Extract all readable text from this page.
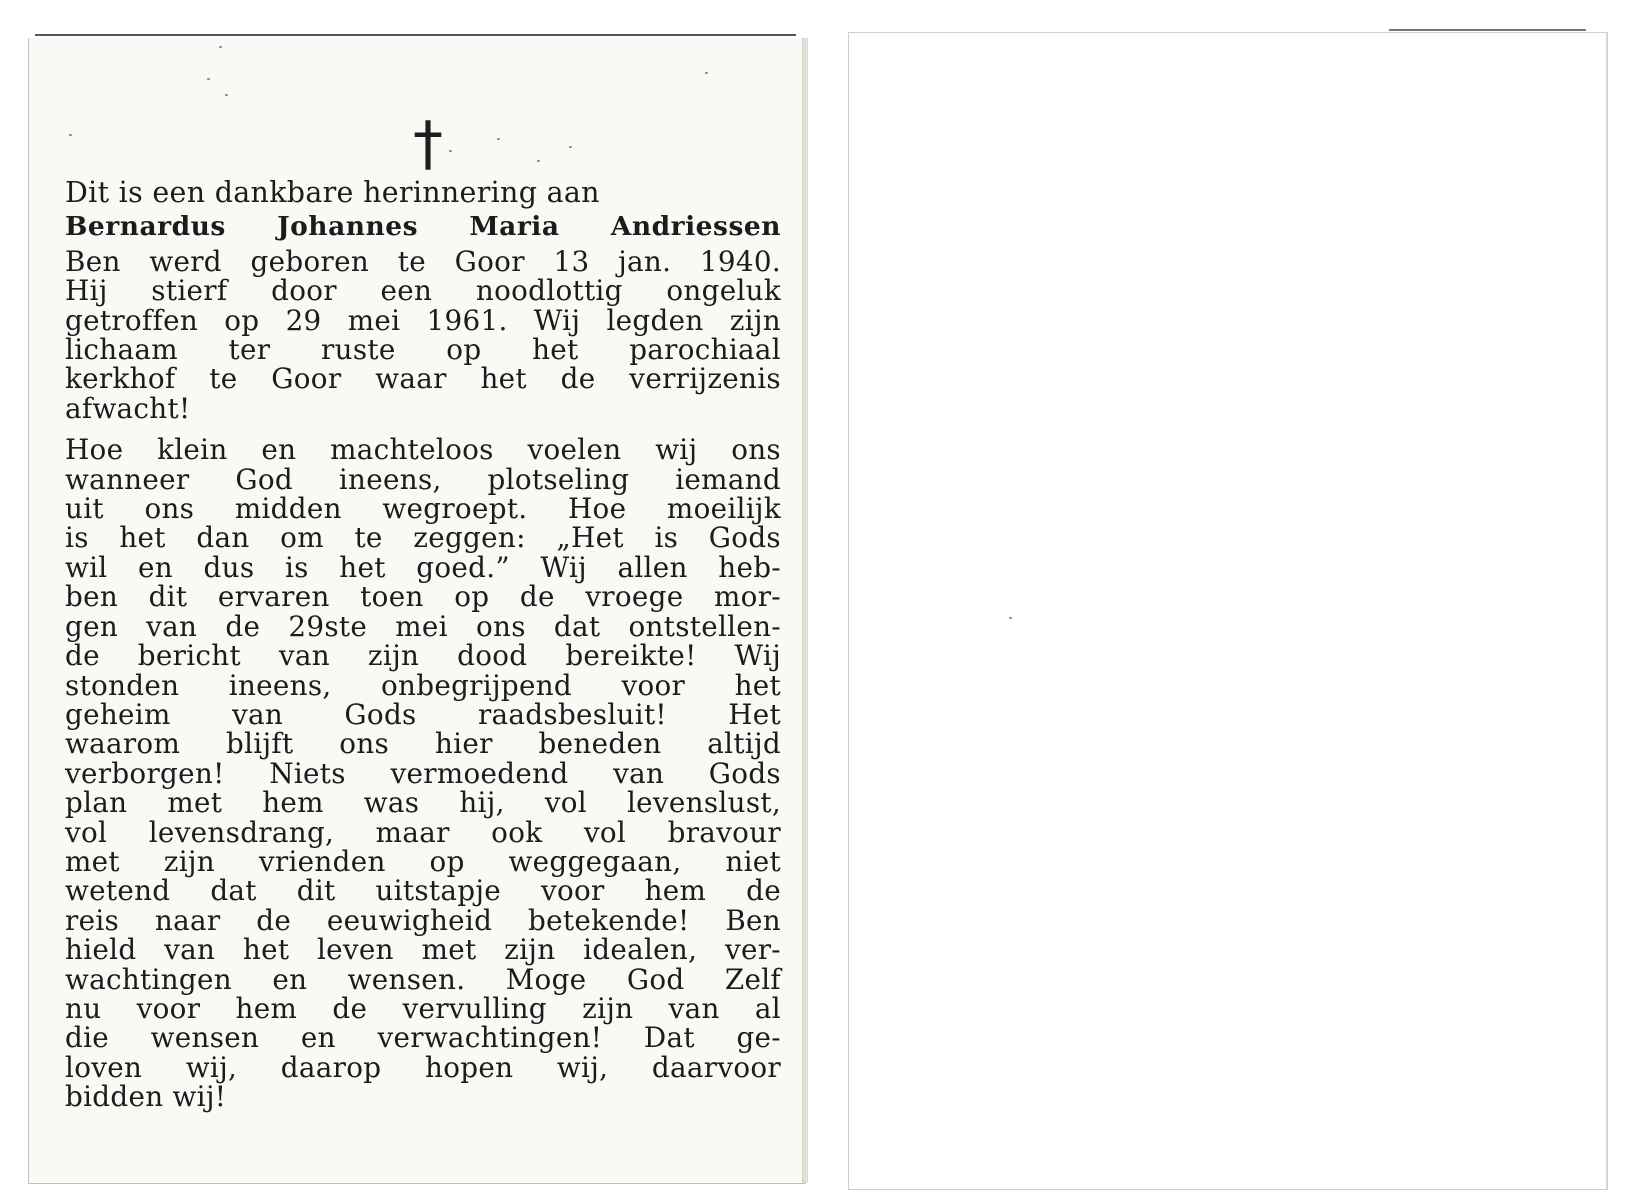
†
Dit is een dankbare herinnering aan
Bernardus Johannes Maria Andriessen
Ben werd geboren te Goor 13 jan. 1940.
Hij stierf door een noodlottig ongeluk
getroffen op 29 mei 1961. Wij legden zijn
lichaam ter ruste op het parochiaal
kerkhof te Goor waar het de verrijzenis
afwacht!
Hoe klein en machteloos voelen wij ons
wanneer God ineens, plotseling iemand
uit ons midden wegroept. Hoe moeilijk
is het dan om te zeggen: „Het is Gods
wil en dus is het goed.” Wij allen heb-
ben dit ervaren toen op de vroege mor-
gen van de 29ste mei ons dat ontstellen-
de bericht van zijn dood bereikte! Wij
stonden ineens, onbegrijpend voor het
geheim van Gods raadsbesluit! Het
waarom blijft ons hier beneden altijd
verborgen! Niets vermoedend van Gods
plan met hem was hij, vol levenslust,
vol levensdrang, maar ook vol bravour
met zijn vrienden op weggegaan, niet
wetend dat dit uitstapje voor hem de
reis naar de eeuwigheid betekende! Ben
hield van het leven met zijn idealen, ver-
wachtingen en wensen. Moge God Zelf
nu voor hem de vervulling zijn van al
die wensen en verwachtingen! Dat ge-
loven wij, daarop hopen wij, daarvoor
bidden wij!
